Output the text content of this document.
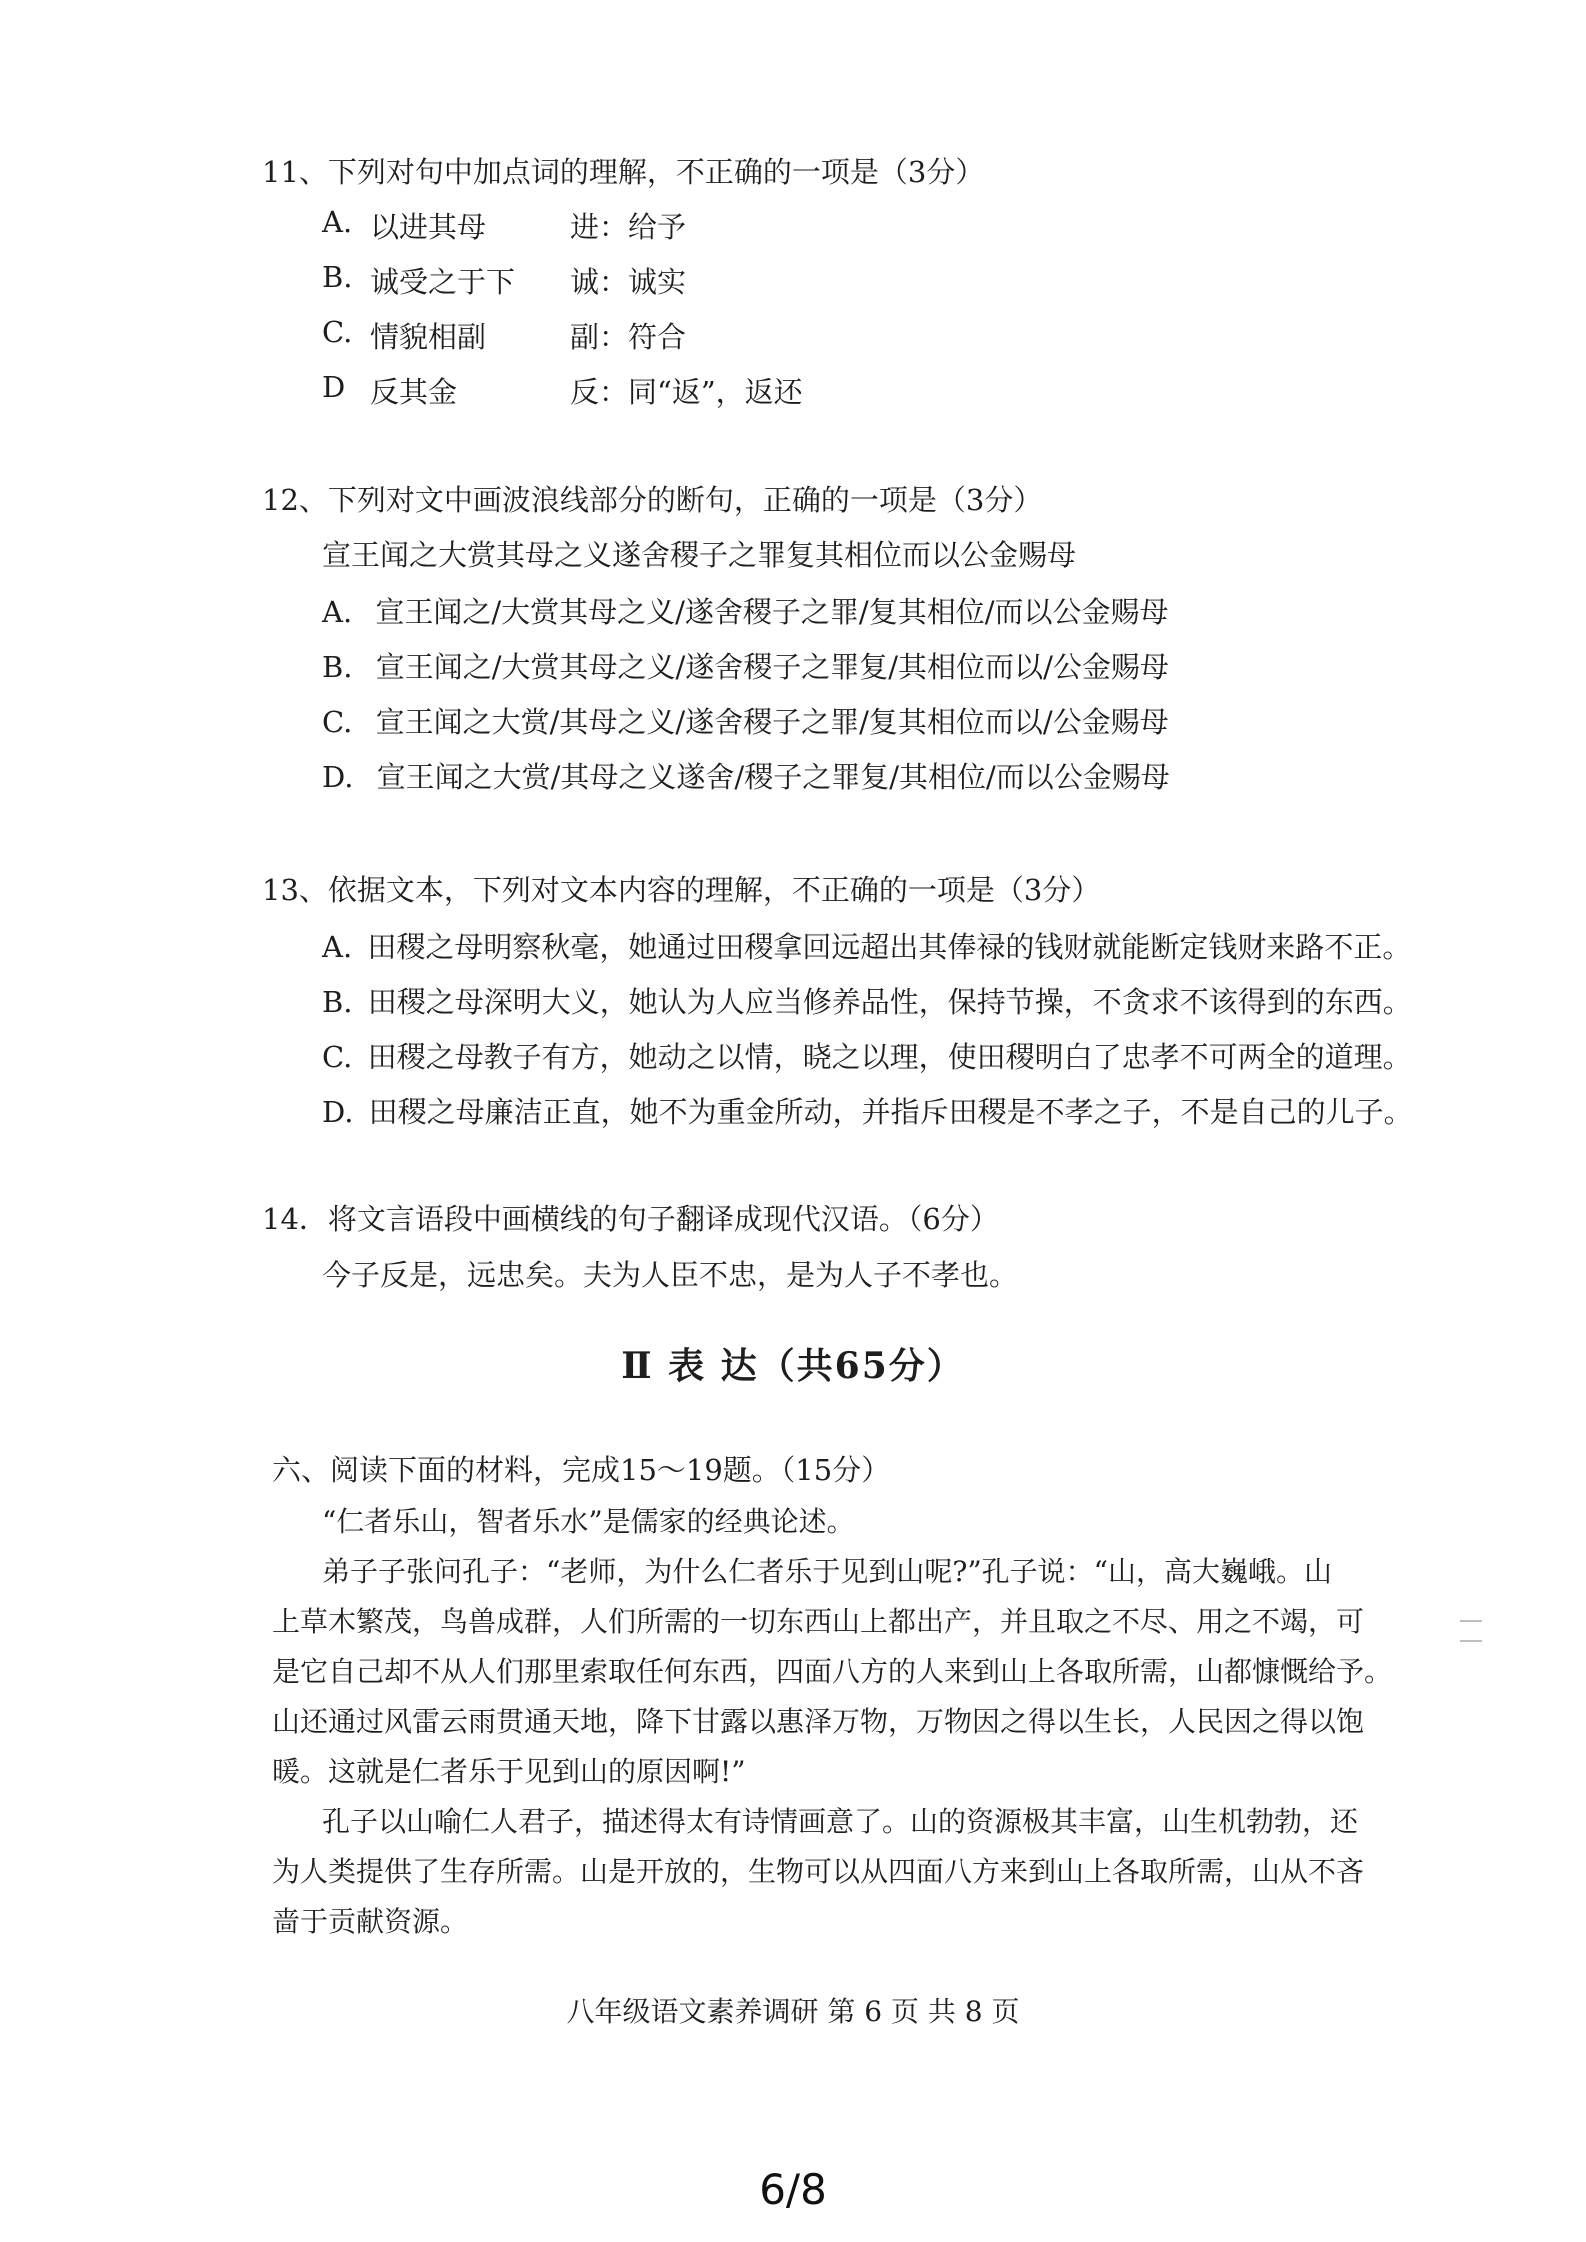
11、下列对句中加点词的理解，不正确的一项是（3分）
A. 以进其母	进：给予
B. 诚受之于下 诚：诚实
C. 情貌相副	副：符合
D 反其金	反：同“返”，返还
12、下列对文中画波浪线部分的断句，正确的一项是（3分）
宣王闻之大赏其母之义遂舍稷子之罪复其相位而以公金赐母
A. 宣王闻之/大赏其母之义/遂舍稷子之罪/复其相位/而以公金赐母
B. 宣王闻之/大赏其母之义/遂舍稷子之罪复/其相位而以/公金赐母
C. 宣王闻之大赏/其母之义/遂舍稷子之罪/复其相位而以/公金赐母
D. 宣王闻之大赏/其母之义遂舍/稷子之罪复/其相位/而以公金赐母
13、依据文本，下列对文本内容的理解，不正确的一项是（3分）
A. 田稷之母明察秋毫，她通过田稷拿回远超出其俸禄的钱财就能断定钱财来路不正。
B. 田稷之母深明大义，她认为人应当修养品性，保持节操，不贪求不该得到的东西。
C. 田稷之母教子有方，她动之以情，晓之以理，使田稷明白了忠孝不可两全的道理。
D. 田稷之母廉洁正直，她不为重金所动，并指斥田稷是不孝之子，不是自己的儿子。
14．将文言语段中画横线的句子翻译成现代汉语。（6分）
今子反是，远忠矣。夫为人臣不忠，是为人子不孝也。
Ⅱ 表 达（共65分）
六、阅读下面的材料，完成15～19题。（15分）
“仁者乐山，智者乐水”是儒家的经典论述。
弟子子张问孔子：“老师，为什么仁者乐于见到山呢?”孔子说：“山，高大巍峨。山
上草木繁茂，鸟兽成群，人们所需的一切东西山上都出产，并且取之不尽、用之不竭，可
是它自己却不从人们那里索取任何东西，四面八方的人来到山上各取所需，山都慷慨给予。
山还通过风雷云雨贯通天地，降下甘露以惠泽万物，万物因之得以生长，人民因之得以饱
暖。这就是仁者乐于见到山的原因啊!”
孔子以山喻仁人君子，描述得太有诗情画意了。山的资源极其丰富，山生机勃勃，还
为人类提供了生存所需。山是开放的，生物可以从四面八方来到山上各取所需，山从不吝
啬于贡献资源。
八年级语文素养调研 第 6 页 共 8 页
6/8
